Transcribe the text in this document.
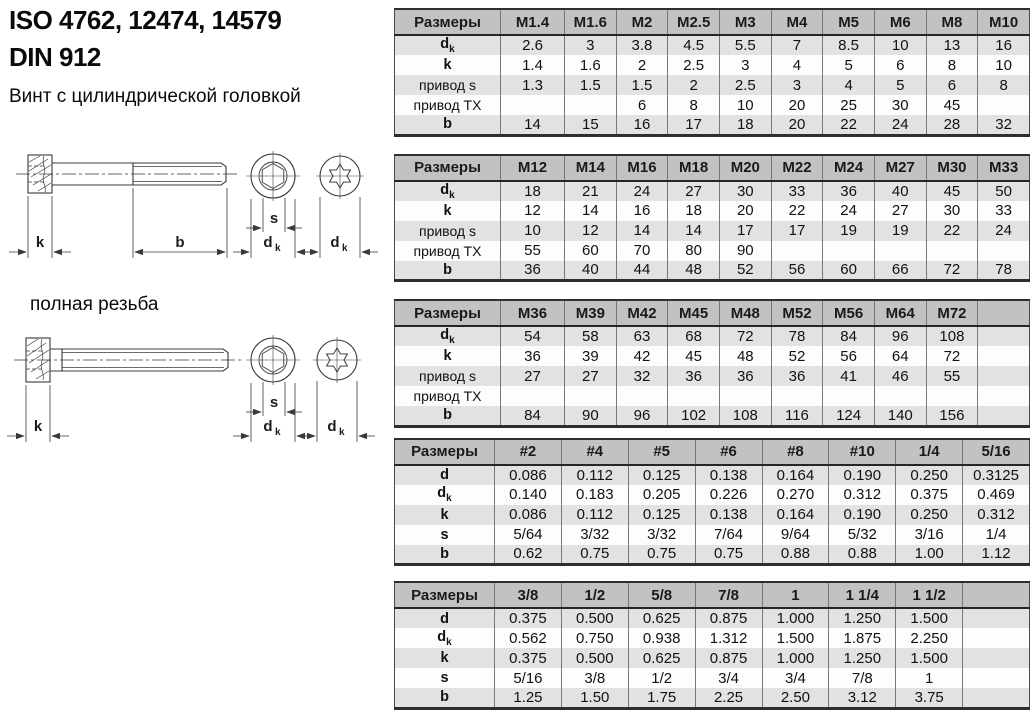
ISO 4762, 12474, 14579
DIN 912
Винт с цилиндрической головкой
k	b
s
d k	d k
полная резьба
k
s
d k	d k
Размеры	M1.4	M1.6	M2	M2.5	M3	M4	M5	M6	M8	M10
$d_k$	2.6	3	3.8	4.5	5.5	7	8.5	10	13	16
k	1.4	1.6	2	2.5	3	4	5	6	8	10
привод s	1.3	1.5	1.5	2	2.5	3	4	5	6	8
привод TX			6	8	10	20	25	30	45	
b	14	15	16	17	18	20	22	24	28	32
Размеры	M12	M14	M16	M18	M20	M22	M24	M27	M30	M33
$d_k$	18	21	24	27	30	33	36	40	45	50
k	12	14	16	18	20	22	24	27	30	33
привод s	10	12	14	14	17	17	19	19	22	24
привод TX	55	60	70	80	90					
b	36	40	44	48	52	56	60	66	72	78
Размеры	M36	M39	M42	M45	M48	M52	M56	M64	M72	
$d_k$	54	58	63	68	72	78	84	96	108	
k	36	39	42	45	48	52	56	64	72	
привод s	27	27	32	36	36	36	41	46	55	
привод TX										
b	84	90	96	102	108	116	124	140	156	
Размеры	#2	#4	#5	#6	#8	#10	1/4	5/16
d	0.086	0.112	0.125	0.138	0.164	0.190	0.250	0.3125
$d_k$	0.140	0.183	0.205	0.226	0.270	0.312	0.375	0.469
k	0.086	0.112	0.125	0.138	0.164	0.190	0.250	0.312
s	5/64	3/32	3/32	7/64	9/64	5/32	3/16	1/4
b	0.62	0.75	0.75	0.75	0.88	0.88	1.00	1.12
Размеры	3/8	1/2	5/8	7/8	1	1 1/4	1 1/2	
d	0.375	0.500	0.625	0.875	1.000	1.250	1.500	
$d_k$	0.562	0.750	0.938	1.312	1.500	1.875	2.250	
k	0.375	0.500	0.625	0.875	1.000	1.250	1.500	
s	5/16	3/8	1/2	3/4	3/4	7/8	1	
b	1.25	1.50	1.75	2.25	2.50	3.12	3.75	
